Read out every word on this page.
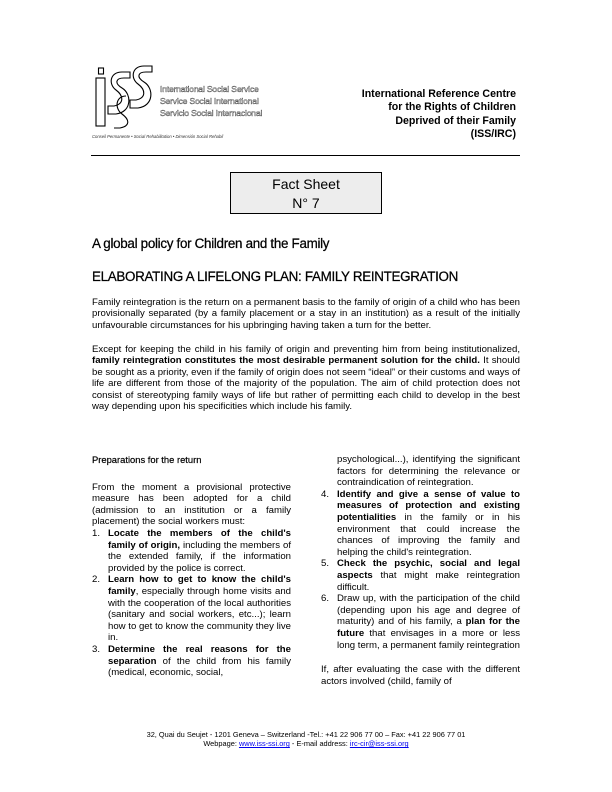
International Social Service
Service Social International
Servicio Social Internacional
Conseil Permanente • Social Rehabilitation • Dimensión Social Rehabil
International Reference Centre
for the Rights of Children
Deprived of their Family
(ISS/IRC)
Fact Sheet
N° 7
A global policy for Children and the Family
ELABORATING A LIFELONG PLAN: FAMILY REINTEGRATION
Family reintegration is the return on a permanent basis to the family of origin of a child who has been provisionally separated (by a family placement or a stay in an institution) as a result of the initially unfavourable circumstances for his upbringing having taken a turn for the better.
Except for keeping the child in his family of origin and preventing him from being institutionalized, family reintegration constitutes the most desirable permanent solution for the child. It should be sought as a priority, even if the family of origin does not seem “ideal” or their customs and ways of life are different from those of the majority of the population. The aim of child protection does not consist of stereotyping family ways of life but rather of permitting each child to develop in the best way depending upon his specificities which include his family.
Preparations for the return
From the moment a provisional protective measure has been adopted for a child (admission to an institution or a family placement) the social workers must:
1. Locate the members of the child's family of origin, including the members of the extended family, if the information provided by the police is correct.
2. Learn how to get to know the child's family, especially through home visits and with the cooperation of the local authorities (sanitary and social workers, etc...); learn how to get to know the community they live in.
3. Determine the real reasons for the separation of the child from his family (medical, economic, social,
psychological...), identifying the significant factors for determining the relevance or contraindication of reintegration.
4. Identify and give a sense of value to measures of protection and existing potentialities in the family or in his environment that could increase the chances of improving the family and helping the child's reintegration.
5. Check the psychic, social and legal aspects that might make reintegration difficult.
6. Draw up, with the participation of the child (depending upon his age and degree of maturity) and of his family, a plan for the future that envisages in a more or less long term, a permanent family reintegration
If, after evaluating the case with the different actors involved (child, family of
32, Quai du Seujet - 1201 Geneva – Switzerland -Tel.: +41 22 906 77 00 – Fax: +41 22 906 77 01
Webpage: www.iss-ssi.org - E-mail address: irc-cir@iss-ssi.org
